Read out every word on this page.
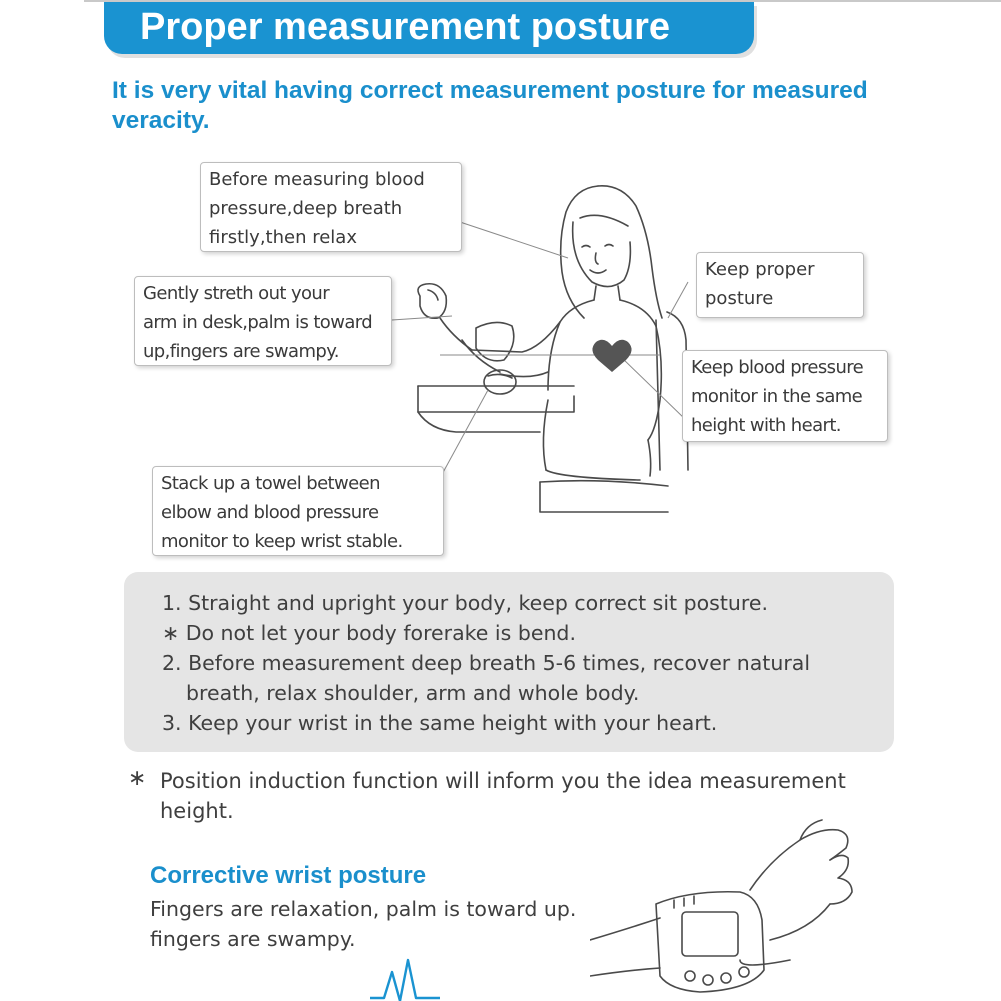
Proper measurement posture
It is very vital having correct measurement posture for measured veracity.
Before measuring blood
pressure,deep breath
firstly,then relax
Keep proper
posture
Gently streth out your
arm in desk,palm is toward
up,fingers are swampy.
Keep blood pressure
monitor in the same
height with heart.
Stack up a towel between
elbow and blood pressure
monitor to keep wrist stable.
1. Straight and upright your body, keep correct sit posture.
∗ Do not let your body forerake is bend.
2. Before measurement deep breath 5-6 times, recover natural
breath, relax shoulder, arm and whole body.
3. Keep your wrist in the same height with your heart.
∗ Position induction function will inform you the idea measurement height.
Corrective wrist posture
Fingers are relaxation, palm is toward up. fingers are swampy.
